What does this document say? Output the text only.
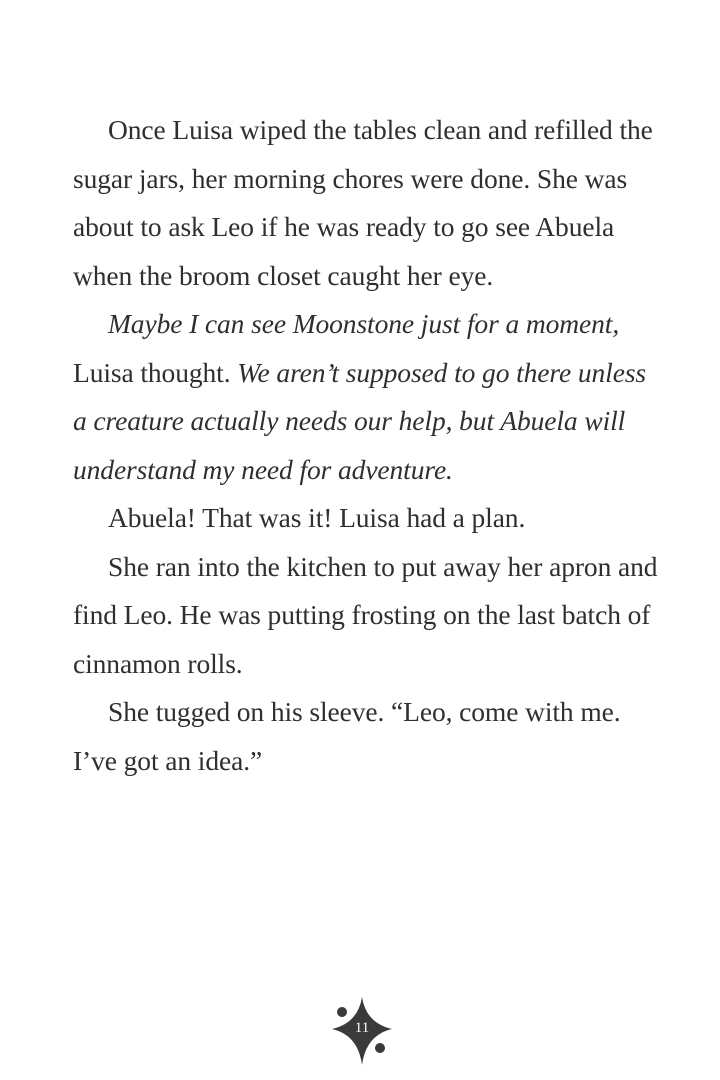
Once Luisa wiped the tables clean and refilled the sugar jars, her morning chores were done. She was about to ask Leo if he was ready to go see Abuela when the broom closet caught her eye.

Maybe I can see Moonstone just for a moment, Luisa thought. We aren’t supposed to go there unless a creature actually needs our help, but Abuela will understand my need for adventure.

Abuela! That was it! Luisa had a plan.

She ran into the kitchen to put away her apron and find Leo. He was putting frosting on the last batch of cinnamon rolls.

She tugged on his sleeve. “Leo, come with me. I’ve got an idea.”

11
